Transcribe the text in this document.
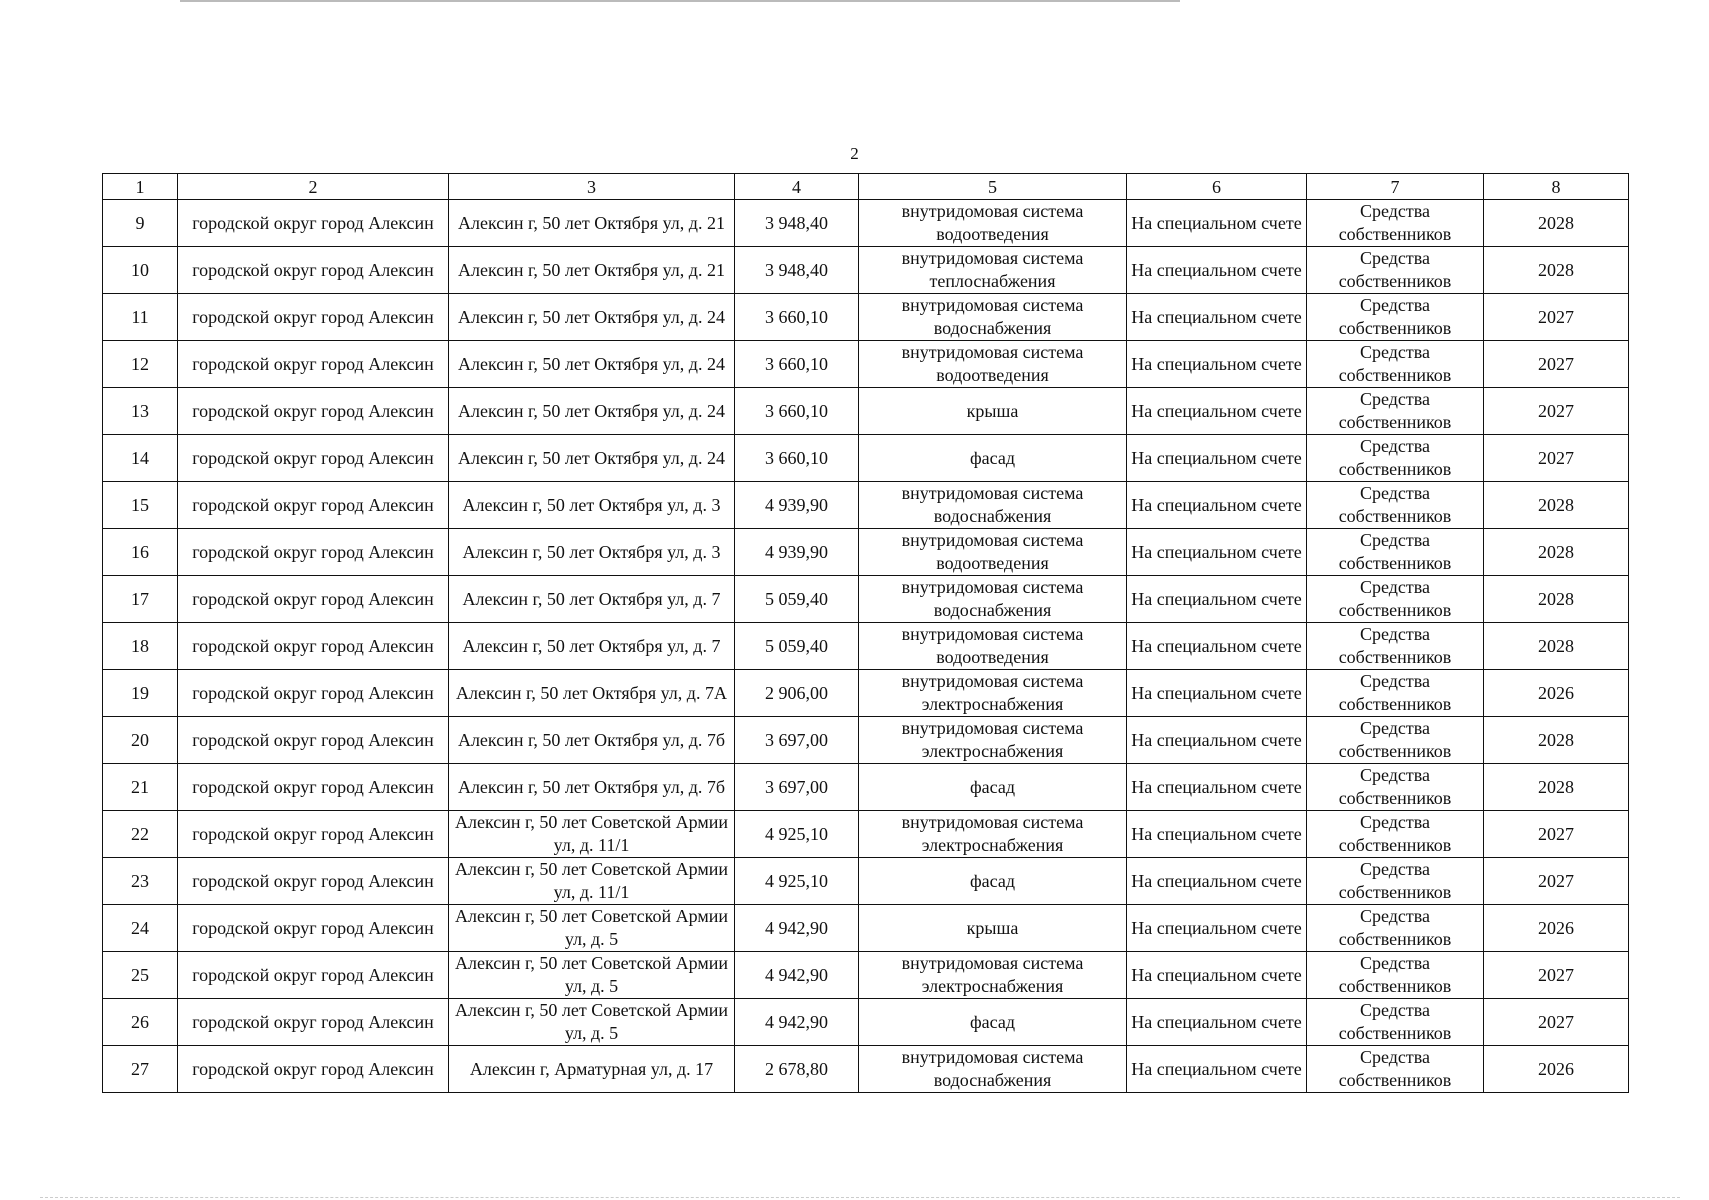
2
1	2	3	4	5	6	7	8
9	городской округ город Алексин	Алексин г, 50 лет Октября ул, д. 21	3 948,40	внутридомовая система водоотведения	На специальном счете	Средства собственников	2028
10	городской округ город Алексин	Алексин г, 50 лет Октября ул, д. 21	3 948,40	внутридомовая система теплоснабжения	На специальном счете	Средства собственников	2028
11	городской округ город Алексин	Алексин г, 50 лет Октября ул, д. 24	3 660,10	внутридомовая система водоснабжения	На специальном счете	Средства собственников	2027
12	городской округ город Алексин	Алексин г, 50 лет Октября ул, д. 24	3 660,10	внутридомовая система водоотведения	На специальном счете	Средства собственников	2027
13	городской округ город Алексин	Алексин г, 50 лет Октября ул, д. 24	3 660,10	крыша	На специальном счете	Средства собственников	2027
14	городской округ город Алексин	Алексин г, 50 лет Октября ул, д. 24	3 660,10	фасад	На специальном счете	Средства собственников	2027
15	городской округ город Алексин	Алексин г, 50 лет Октября ул, д. 3	4 939,90	внутридомовая система водоснабжения	На специальном счете	Средства собственников	2028
16	городской округ город Алексин	Алексин г, 50 лет Октября ул, д. 3	4 939,90	внутридомовая система водоотведения	На специальном счете	Средства собственников	2028
17	городской округ город Алексин	Алексин г, 50 лет Октября ул, д. 7	5 059,40	внутридомовая система водоснабжения	На специальном счете	Средства собственников	2028
18	городской округ город Алексин	Алексин г, 50 лет Октября ул, д. 7	5 059,40	внутридомовая система водоотведения	На специальном счете	Средства собственников	2028
19	городской округ город Алексин	Алексин г, 50 лет Октября ул, д. 7А	2 906,00	внутридомовая система электроснабжения	На специальном счете	Средства собственников	2026
20	городской округ город Алексин	Алексин г, 50 лет Октября ул, д. 7б	3 697,00	внутридомовая система электроснабжения	На специальном счете	Средства собственников	2028
21	городской округ город Алексин	Алексин г, 50 лет Октября ул, д. 7б	3 697,00	фасад	На специальном счете	Средства собственников	2028
22	городской округ город Алексин	Алексин г, 50 лет Советской Армии ул, д. 11/1	4 925,10	внутридомовая система электроснабжения	На специальном счете	Средства собственников	2027
23	городской округ город Алексин	Алексин г, 50 лет Советской Армии ул, д. 11/1	4 925,10	фасад	На специальном счете	Средства собственников	2027
24	городской округ город Алексин	Алексин г, 50 лет Советской Армии ул, д. 5	4 942,90	крыша	На специальном счете	Средства собственников	2026
25	городской округ город Алексин	Алексин г, 50 лет Советской Армии ул, д. 5	4 942,90	внутридомовая система электроснабжения	На специальном счете	Средства собственников	2027
26	городской округ город Алексин	Алексин г, 50 лет Советской Армии ул, д. 5	4 942,90	фасад	На специальном счете	Средства собственников	2027
27	городской округ город Алексин	Алексин г, Арматурная ул, д. 17	2 678,80	внутридомовая система водоснабжения	На специальном счете	Средства собственников	2026
